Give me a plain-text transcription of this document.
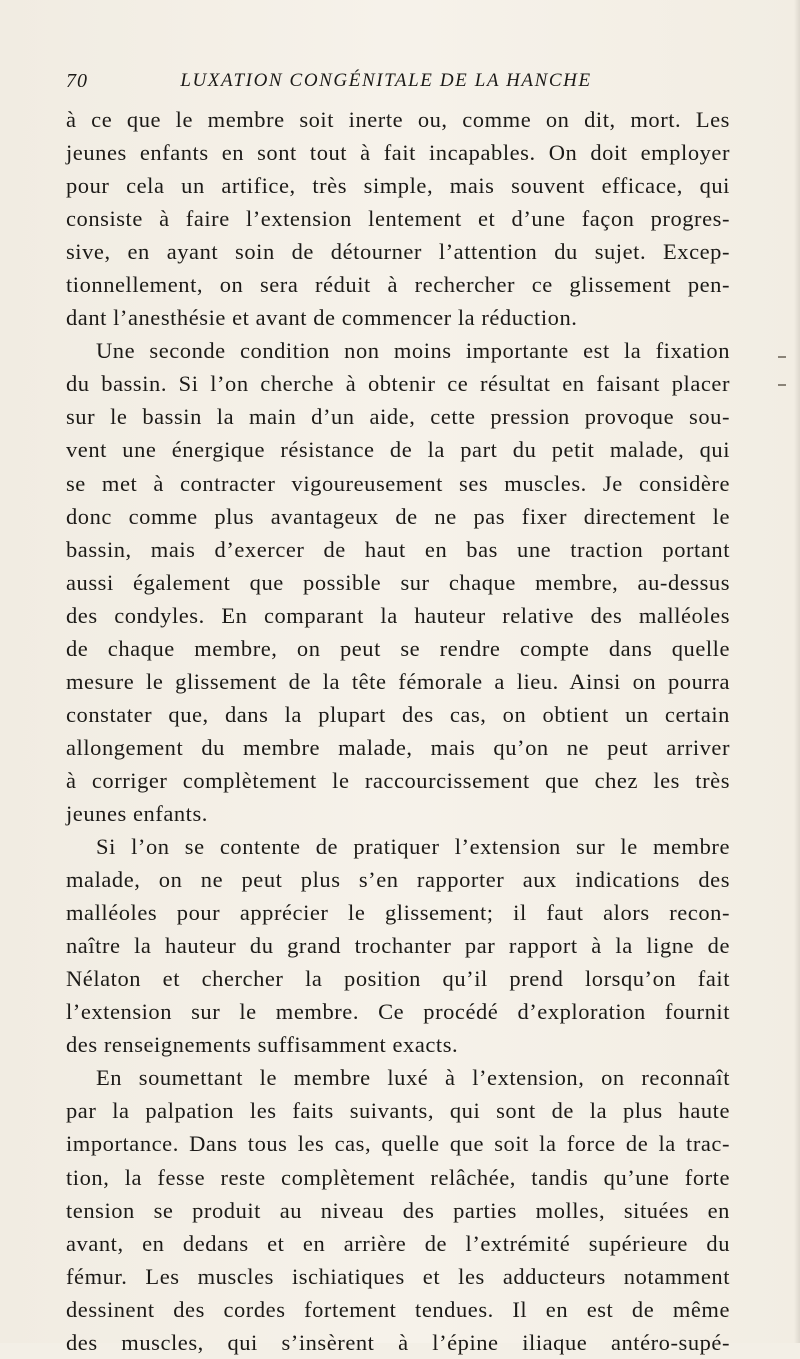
70	LUXATION CONGÉNITALE DE LA HANCHE
à ce que le membre soit inerte ou, comme on dit, mort. Les
jeunes enfants en sont tout à fait incapables. On doit employer
pour cela un artifice, très simple, mais souvent efficace, qui
consiste à faire l’extension lentement et d’une façon progres-
sive, en ayant soin de détourner l’attention du sujet. Excep-
tionnellement, on sera réduit à rechercher ce glissement pen-
dant l’anesthésie et avant de commencer la réduction.
Une seconde condition non moins importante est la fixation
du bassin. Si l’on cherche à obtenir ce résultat en faisant placer
sur le bassin la main d’un aide, cette pression provoque sou-
vent une énergique résistance de la part du petit malade, qui
se met à contracter vigoureusement ses muscles. Je considère
donc comme plus avantageux de ne pas fixer directement le
bassin, mais d’exercer de haut en bas une traction portant
aussi également que possible sur chaque membre, au-dessus
des condyles. En comparant la hauteur relative des malléoles
de chaque membre, on peut se rendre compte dans quelle
mesure le glissement de la tête fémorale a lieu. Ainsi on pourra
constater que, dans la plupart des cas, on obtient un certain
allongement du membre malade, mais qu’on ne peut arriver
à corriger complètement le raccourcissement que chez les très
jeunes enfants.
Si l’on se contente de pratiquer l’extension sur le membre
malade, on ne peut plus s’en rapporter aux indications des
malléoles pour apprécier le glissement; il faut alors recon-
naître la hauteur du grand trochanter par rapport à la ligne de
Nélaton et chercher la position qu’il prend lorsqu’on fait
l’extension sur le membre. Ce procédé d’exploration fournit
des renseignements suffisamment exacts.
En soumettant le membre luxé à l’extension, on reconnaît
par la palpation les faits suivants, qui sont de la plus haute
importance. Dans tous les cas, quelle que soit la force de la trac-
tion, la fesse reste complètement relâchée, tandis qu’une forte
tension se produit au niveau des parties molles, situées en
avant, en dedans et en arrière de l’extrémité supérieure du
fémur. Les muscles ischiatiques et les adducteurs notamment
dessinent des cordes fortement tendues. Il en est de même
des muscles, qui s’insèrent à l’épine iliaque antéro-supé-
